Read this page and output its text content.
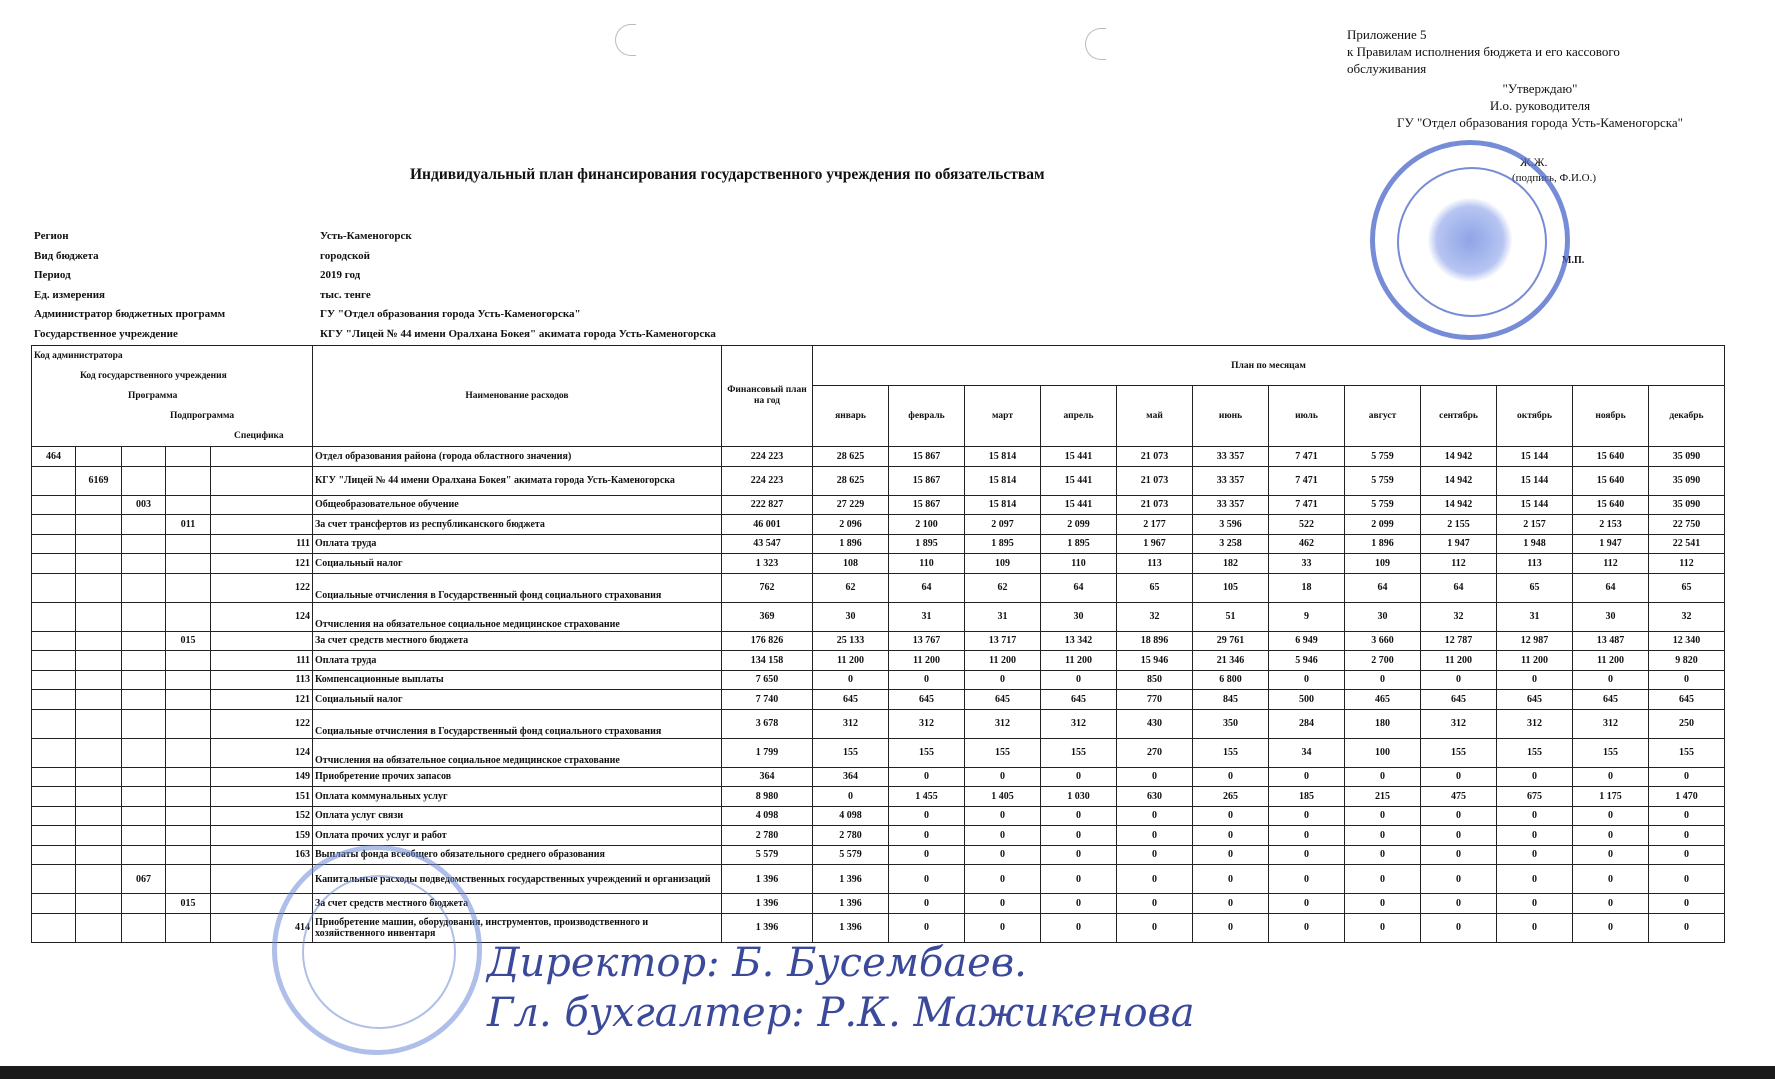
Приложение 5
к Правилам исполнения бюджета и его кассового
обслуживания
"Утверждаю"
И.о. руководителя
ГУ "Отдел образования города Усть-Каменогорска"
Ж.Ж.
(подпись, Ф.И.О.)
М.П.
Индивидуальный план финансирования государственного учреждения по обязательствам
Регион	Усть-Каменогорск
Вид бюджета	городской
Период	2019 год
Ед. измерения	тыс. тенге
Администратор бюджетных программ	ГУ "Отдел образования города Усть-Каменогорска"
Государственное учреждение	КГУ "Лицей № 44 имени Оралхана Бокея" акимата города Усть-Каменогорска
Код администратора
Код государственного учреждения
Программа
Подпрограмма
Специфика					Наименование расходов	Финансовый план на год	План по месяцам											
							январь	февраль	март	апрель	май	июнь	июль	август	сентябрь	октябрь	ноябрь	декабрь
464					Отдел образования района (города областного значения)	224 223	28 625	15 867	15 814	15 441	21 073	33 357	7 471	5 759	14 942	15 144	15 640	35 090
	6169				КГУ "Лицей № 44 имени Оралхана Бокея" акимата города Усть-Каменогорска	224 223	28 625	15 867	15 814	15 441	21 073	33 357	7 471	5 759	14 942	15 144	15 640	35 090
		003			Общеобразовательное обучение	222 827	27 229	15 867	15 814	15 441	21 073	33 357	7 471	5 759	14 942	15 144	15 640	35 090
			011		За счет трансфертов из республиканского бюджета	46 001	2 096	2 100	2 097	2 099	2 177	3 596	522	2 099	2 155	2 157	2 153	22 750
				111	Оплата труда	43 547	1 896	1 895	1 895	1 895	1 967	3 258	462	1 896	1 947	1 948	1 947	22 541
				121	Социальный налог	1 323	108	110	109	110	113	182	33	109	112	113	112	112
				122	Социальные отчисления в Государственный фонд социального страхования	762	62	64	62	64	65	105	18	64	64	65	64	65
				124	Отчисления на обязательное социальное медицинское страхование	369	30	31	31	30	32	51	9	30	32	31	30	32
			015		За счет средств местного бюджета	176 826	25 133	13 767	13 717	13 342	18 896	29 761	6 949	3 660	12 787	12 987	13 487	12 340
				111	Оплата труда	134 158	11 200	11 200	11 200	11 200	15 946	21 346	5 946	2 700	11 200	11 200	11 200	9 820
				113	Компенсационные выплаты	7 650	0	0	0	0	850	6 800	0	0	0	0	0	0
				121	Социальный налог	7 740	645	645	645	645	770	845	500	465	645	645	645	645
				122	Социальные отчисления в Государственный фонд социального страхования	3 678	312	312	312	312	430	350	284	180	312	312	312	250
				124	Отчисления на обязательное социальное медицинское страхование	1 799	155	155	155	155	270	155	34	100	155	155	155	155
				149	Приобретение прочих запасов	364	364	0	0	0	0	0	0	0	0	0	0	0
				151	Оплата коммунальных услуг	8 980	0	1 455	1 405	1 030	630	265	185	215	475	675	1 175	1 470
				152	Оплата услуг связи	4 098	4 098	0	0	0	0	0	0	0	0	0	0	0
				159	Оплата прочих услуг и работ	2 780	2 780	0	0	0	0	0	0	0	0	0	0	0
				163	Выплаты фонда всеобщего обязательного среднего образования	5 579	5 579	0	0	0	0	0	0	0	0	0	0	0
		067			Капитальные расходы подведомственных государственных учреждений и организаций	1 396	1 396	0	0	0	0	0	0	0	0	0	0	0
			015		За счет средств местного бюджета	1 396	1 396	0	0	0	0	0	0	0	0	0	0	0
				414	Приобретение машин, оборудования, инструментов, производственного и хозяйственного инвентаря	1 396	1 396	0	0	0	0	0	0	0	0	0	0	0
Директор: Б. Бусембаев.
Гл. бухгалтер: Р.К. Мажикенова
